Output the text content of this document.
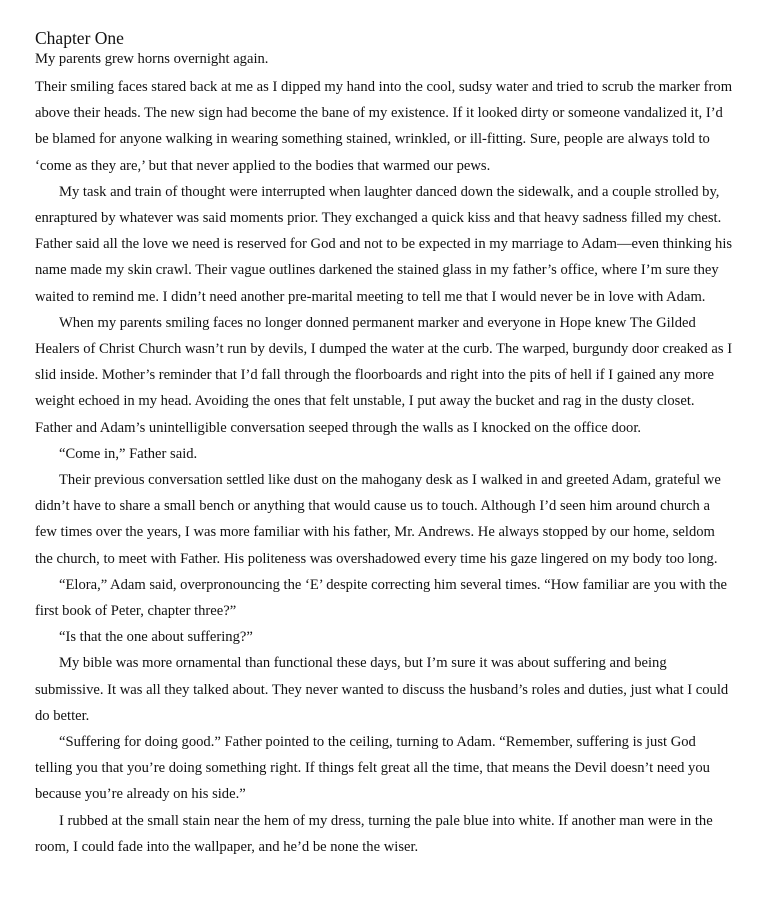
Chapter One

My parents grew horns overnight again.

Their smiling faces stared back at me as I dipped my hand into the cool, sudsy water and tried to scrub the marker from above their heads. The new sign had become the bane of my existence. If it looked dirty or someone vandalized it, I’d be blamed for anyone walking in wearing something stained, wrinkled, or ill-fitting. Sure, people are always told to ‘come as they are,’ but that never applied to the bodies that warmed our pews.

My task and train of thought were interrupted when laughter danced down the sidewalk, and a couple strolled by, enraptured by whatever was said moments prior. They exchanged a quick kiss and that heavy sadness filled my chest. Father said all the love we need is reserved for God and not to be expected in my marriage to Adam—even thinking his name made my skin crawl. Their vague outlines darkened the stained glass in my father’s office, where I’m sure they waited to remind me. I didn’t need another pre-marital meeting to tell me that I would never be in love with Adam.

When my parents smiling faces no longer donned permanent marker and everyone in Hope knew The Gilded Healers of Christ Church wasn’t run by devils, I dumped the water at the curb. The warped, burgundy door creaked as I slid inside. Mother’s reminder that I’d fall through the floorboards and right into the pits of hell if I gained any more weight echoed in my head. Avoiding the ones that felt unstable, I put away the bucket and rag in the dusty closet. Father and Adam’s unintelligible conversation seeped through the walls as I knocked on the office door.

“Come in,” Father said.

Their previous conversation settled like dust on the mahogany desk as I walked in and greeted Adam, grateful we didn’t have to share a small bench or anything that would cause us to touch. Although I’d seen him around church a few times over the years, I was more familiar with his father, Mr. Andrews. He always stopped by our home, seldom the church, to meet with Father. His politeness was overshadowed every time his gaze lingered on my body too long.

“Elora,” Adam said, overpronouncing the ‘E’ despite correcting him several times. “How familiar are you with the first book of Peter, chapter three?”

“Is that the one about suffering?”

My bible was more ornamental than functional these days, but I’m sure it was about suffering and being submissive. It was all they talked about. They never wanted to discuss the husband’s roles and duties, just what I could do better.

“Suffering for doing good.” Father pointed to the ceiling, turning to Adam. “Remember, suffering is just God telling you that you’re doing something right. If things felt great all the time, that means the Devil doesn’t need you because you’re already on his side.”

I rubbed at the small stain near the hem of my dress, turning the pale blue into white. If another man were in the room, I could fade into the wallpaper, and he’d be none the wiser.
